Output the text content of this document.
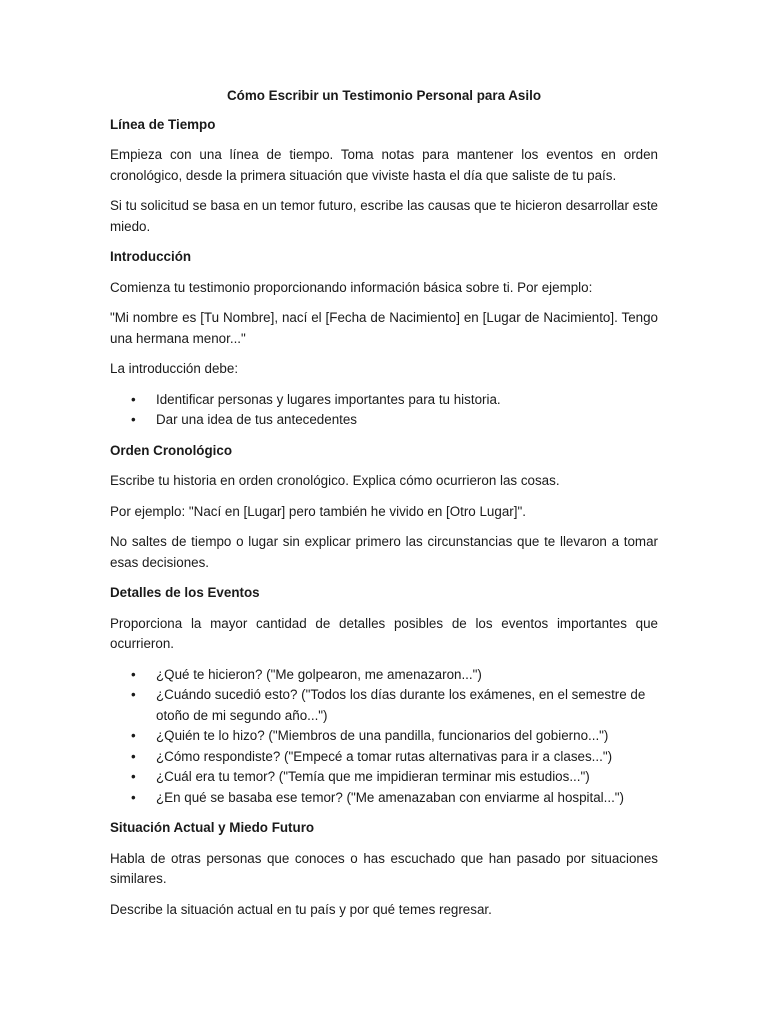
Cómo Escribir un Testimonio Personal para Asilo
Línea de Tiempo
Empieza con una línea de tiempo. Toma notas para mantener los eventos en orden cronológico, desde la primera situación que viviste hasta el día que saliste de tu país.
Si tu solicitud se basa en un temor futuro, escribe las causas que te hicieron desarrollar este miedo.
Introducción
Comienza tu testimonio proporcionando información básica sobre ti. Por ejemplo:
"Mi nombre es [Tu Nombre], nací el [Fecha de Nacimiento] en [Lugar de Nacimiento]. Tengo una hermana menor..."
La introducción debe:
• Identificar personas y lugares importantes para tu historia.
• Dar una idea de tus antecedentes
Orden Cronológico
Escribe tu historia en orden cronológico. Explica cómo ocurrieron las cosas.
Por ejemplo: "Nací en [Lugar] pero también he vivido en [Otro Lugar]".
No saltes de tiempo o lugar sin explicar primero las circunstancias que te llevaron a tomar esas decisiones.
Detalles de los Eventos
Proporciona la mayor cantidad de detalles posibles de los eventos importantes que ocurrieron.
• ¿Qué te hicieron? ("Me golpearon, me amenazaron...")
• ¿Cuándo sucedió esto? ("Todos los días durante los exámenes, en el semestre de otoño de mi segundo año...")
• ¿Quién te lo hizo? ("Miembros de una pandilla, funcionarios del gobierno...")
• ¿Cómo respondiste? ("Empecé a tomar rutas alternativas para ir a clases...")
• ¿Cuál era tu temor? ("Temía que me impidieran terminar mis estudios...")
• ¿En qué se basaba ese temor? ("Me amenazaban con enviarme al hospital...")
Situación Actual y Miedo Futuro
Habla de otras personas que conoces o has escuchado que han pasado por situaciones similares.
Describe la situación actual en tu país y por qué temes regresar.
